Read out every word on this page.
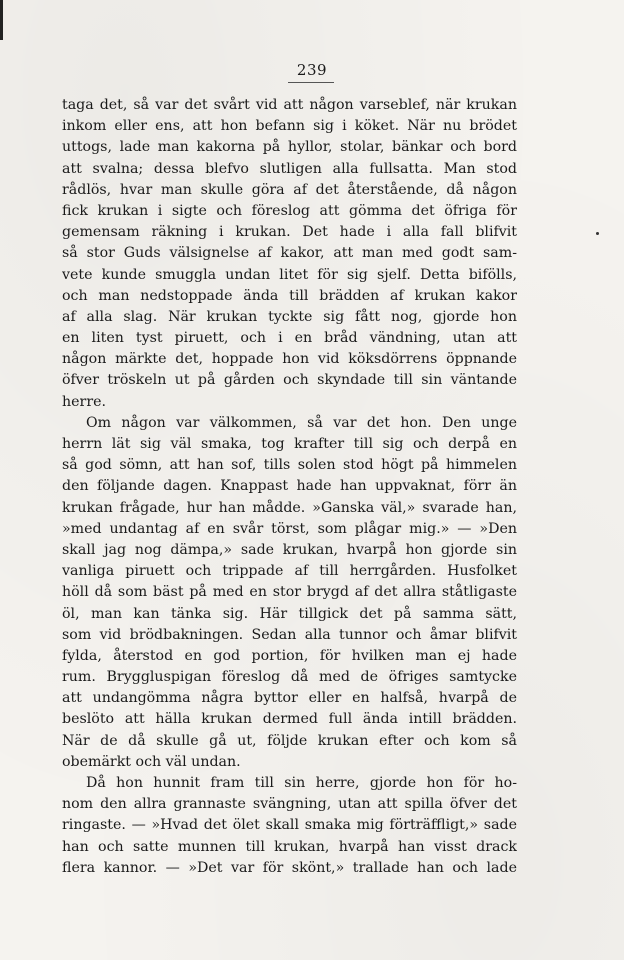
239
taga det, så var det svårt vid att någon varseblef, när krukan
inkom eller ens, att hon befann sig i köket. När nu brödet
uttogs, lade man kakorna på hyllor, stolar, bänkar och bord
att svalna; dessa blefvo slutligen alla fullsatta. Man stod
rådlös, hvar man skulle göra af det återstående, då någon
fick krukan i sigte och föreslog att gömma det öfriga för
gemensam räkning i krukan. Det hade i alla fall blifvit
så stor Guds välsignelse af kakor, att man med godt sam-
vete kunde smuggla undan litet för sig sjelf. Detta bifölls,
och man nedstoppade ända till brädden af krukan kakor
af alla slag. När krukan tyckte sig fått nog, gjorde hon
en liten tyst piruett, och i en bråd vändning, utan att
någon märkte det, hoppade hon vid köksdörrens öppnande
öfver tröskeln ut på gården och skyndade till sin väntande
herre.
Om någon var välkommen, så var det hon. Den unge
herrn lät sig väl smaka, tog krafter till sig och derpå en
så god sömn, att han sof, tills solen stod högt på himmelen
den följande dagen. Knappast hade han uppvaknat, förr än
krukan frågade, hur han mådde. »Ganska väl,» svarade han,
»med undantag af en svår törst, som plågar mig.» — »Den
skall jag nog dämpa,» sade krukan, hvarpå hon gjorde sin
vanliga piruett och trippade af till herrgården. Husfolket
höll då som bäst på med en stor brygd af det allra ståtligaste
öl, man kan tänka sig. Här tillgick det på samma sätt,
som vid brödbakningen. Sedan alla tunnor och åmar blifvit
fylda, återstod en god portion, för hvilken man ej hade
rum. Bryggluspigan föreslog då med de öfriges samtycke
att undangömma några byttor eller en halfså, hvarpå de
beslöto att hälla krukan dermed full ända intill brädden.
När de då skulle gå ut, följde krukan efter och kom så
obemärkt och väl undan.
Då hon hunnit fram till sin herre, gjorde hon för ho-
nom den allra grannaste svängning, utan att spilla öfver det
ringaste. — »Hvad det ölet skall smaka mig förträffligt,» sade
han och satte munnen till krukan, hvarpå han visst drack
flera kannor. — »Det var för skönt,» trallade han och lade
